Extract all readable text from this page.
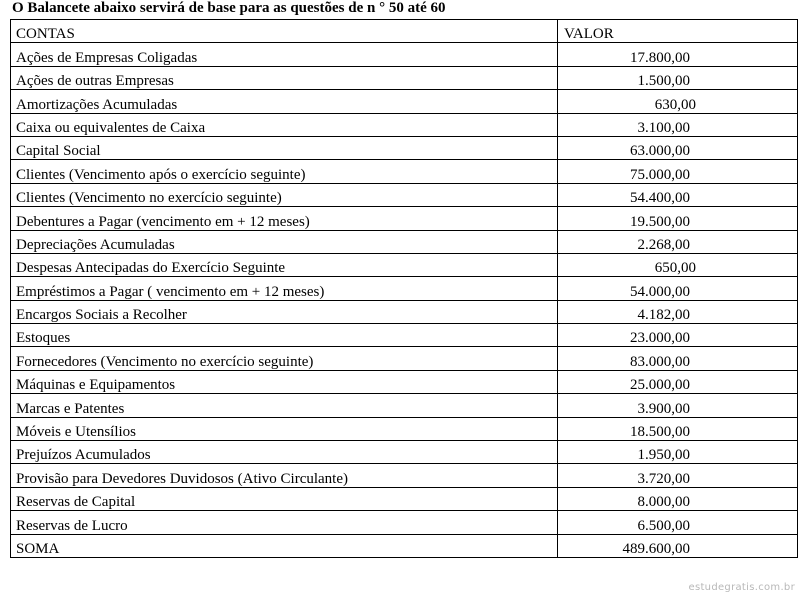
O Balancete abaixo servirá de base para as questões de n ° 50 até 60
CONTAS	VALOR
Ações de Empresas Coligadas	17.800,00
Ações de outras Empresas	1.500,00
Amortizações Acumuladas	630,00
Caixa ou equivalentes de Caixa	3.100,00
Capital Social	63.000,00
Clientes (Vencimento após o exercício seguinte)	75.000,00
Clientes (Vencimento no exercício seguinte)	54.400,00
Debentures a Pagar (vencimento em + 12 meses)	19.500,00
Depreciações Acumuladas	2.268,00
Despesas Antecipadas do Exercício Seguinte	650,00
Empréstimos a Pagar ( vencimento em + 12 meses)	54.000,00
Encargos Sociais a Recolher	4.182,00
Estoques	23.000,00
Fornecedores (Vencimento no exercício seguinte)	83.000,00
Máquinas e Equipamentos	25.000,00
Marcas e Patentes	3.900,00
Móveis e Utensílios	18.500,00
Prejuízos Acumulados	1.950,00
Provisão para Devedores Duvidosos (Ativo Circulante)	3.720,00
Reservas de Capital	8.000,00
Reservas de Lucro	6.500,00
SOMA	489.600,00
estudegratis.com.br
